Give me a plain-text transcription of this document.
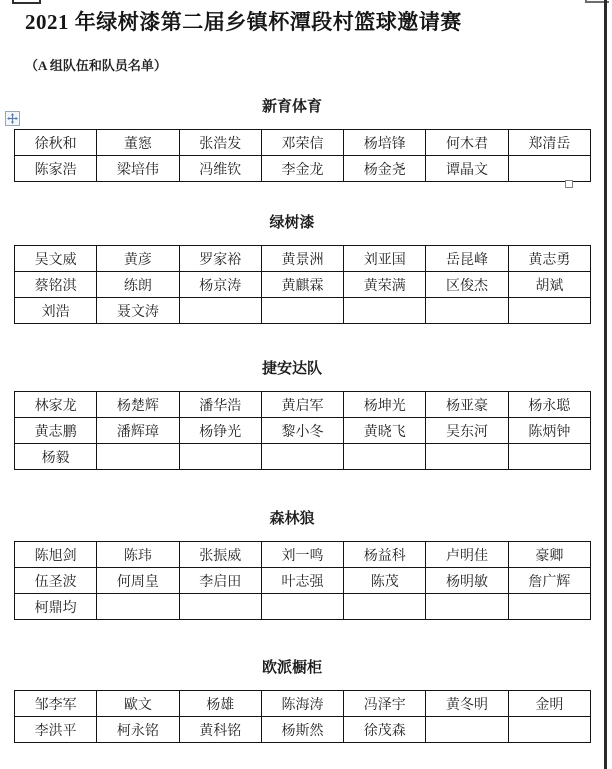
2021 年绿树漆第二届乡镇杯潭段村篮球邀请赛
（A 组队伍和队员名单）
新育体育
徐秋和	董惌	张浩发	邓荣信	杨培锋	何木君	郑清岳
陈家浩	梁培伟	冯维钦	李金龙	杨金尧	谭晶文	
绿树漆
吴文威	黄彦	罗家裕	黄景洲	刘亚国	岳昆峰	黄志勇
蔡铭淇	练朗	杨京涛	黄麒霖	黄荣满	区俊杰	胡斌
刘浩	聂文涛					
捷安达队
林家龙	杨楚辉	潘华浩	黄启军	杨坤光	杨亚豪	杨永聪
黄志鹏	潘辉璋	杨铮光	黎小冬	黄晓飞	吴东河	陈炳钟
杨毅						
森林狼
陈旭剑	陈玮	张振威	刘一鸣	杨益科	卢明佳	豪卿
伍圣波	何周皇	李启田	叶志强	陈茂	杨明敏	詹广辉
柯鼎均						
欧派橱柜
邹李军	歐文	杨雄	陈海涛	冯泽宇	黄冬明	金明
李洪平	柯永铭	黄科铭	杨斯然	徐茂森		
